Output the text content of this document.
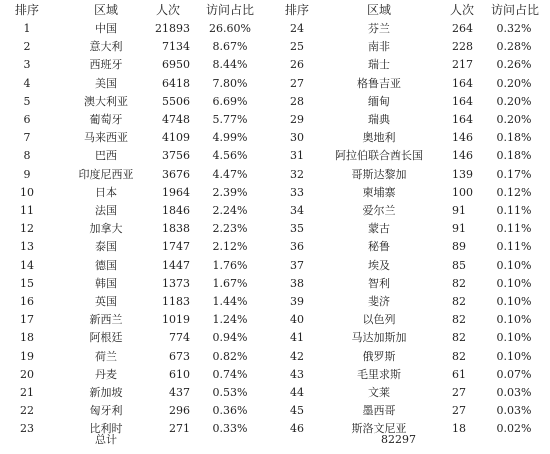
排序	区域	人次	访问占比	排序	区域	人次	访问占比
1	中国	21893	26.60%	24	芬兰	264	0.32%
2	意大利	7134	8.67%	25	南非	228	0.28%
3	西班牙	6950	8.44%	26	瑞士	217	0.26%
4	美国	6418	7.80%	27	格鲁吉亚	164	0.20%
5	澳大利亚	5506	6.69%	28	缅甸	164	0.20%
6	葡萄牙	4748	5.77%	29	瑞典	164	0.20%
7	马来西亚	4109	4.99%	30	奥地利	146	0.18%
8	巴西	3756	4.56%	31	阿拉伯联合酋长国	146	0.18%
9	印度尼西亚	3676	4.47%	32	哥斯达黎加	139	0.17%
10	日本	1964	2.39%	33	柬埔寨	100	0.12%
11	法国	1846	2.24%	34	爱尔兰	91	0.11%
12	加拿大	1838	2.23%	35	蒙古	91	0.11%
13	泰国	1747	2.12%	36	秘鲁	89	0.11%
14	德国	1447	1.76%	37	埃及	85	0.10%
15	韩国	1373	1.67%	38	智利	82	0.10%
16	英国	1183	1.44%	39	斐济	82	0.10%
17	新西兰	1019	1.24%	40	以色列	82	0.10%
18	阿根廷	774	0.94%	41	马达加斯加	82	0.10%
19	荷兰	673	0.82%	42	俄罗斯	82	0.10%
20	丹麦	610	0.74%	43	毛里求斯	61	0.07%
21	新加坡	437	0.53%	44	文莱	27	0.03%
22	匈牙利	296	0.36%	45	墨西哥	27	0.03%
23	比利时	271	0.33%	46	斯洛文尼亚	18	0.02%
总计	82297
